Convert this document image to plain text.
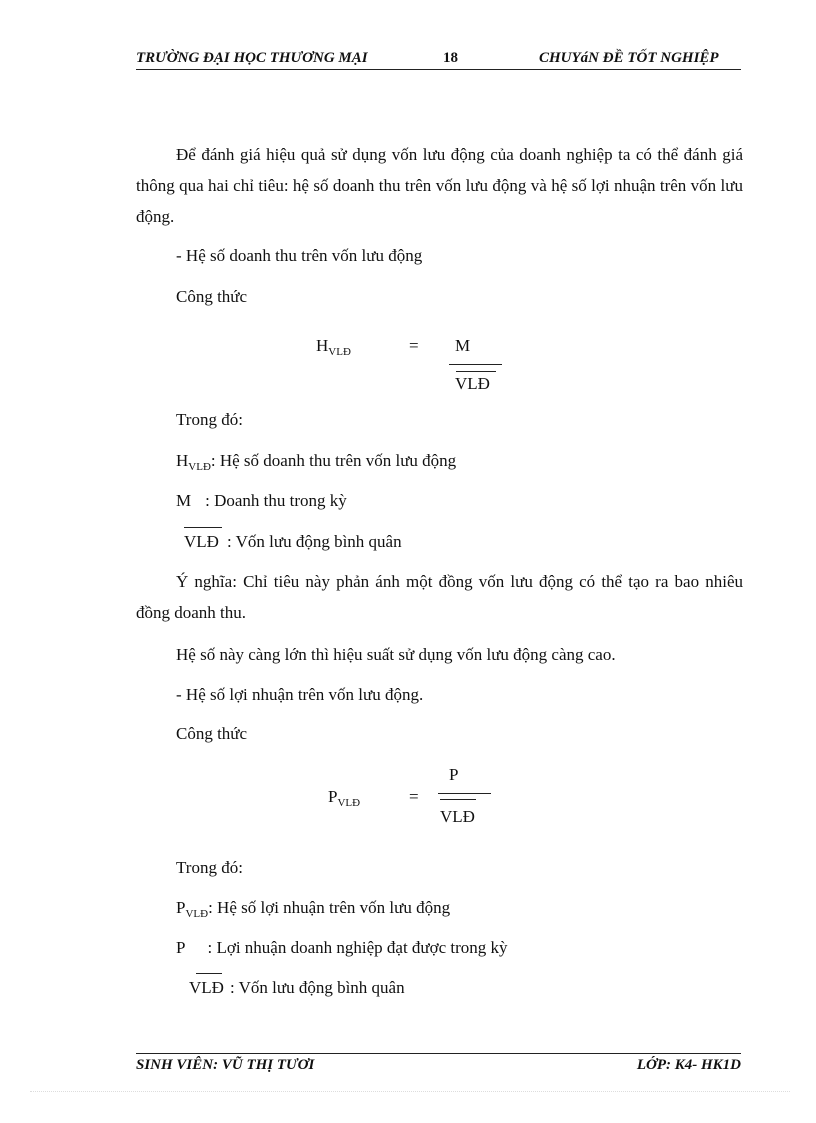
TRƯỜNG ĐẠI HỌC THƯƠNG MẠI	18	CHUYáN ĐỀ TỐT NGHIỆP
Để đánh giá hiệu quả sử dụng vốn lưu động của doanh nghiệp ta có thể đánh giá thông qua hai chỉ tiêu: hệ số doanh thu trên vốn lưu động và hệ số lợi nhuận trên vốn lưu động.
- Hệ số doanh thu trên vốn lưu động
Công thức
$H_{VLĐ}$	= M
VLĐ
Trong đó:
$H_{VLĐ}$: Hệ số doanh thu trên vốn lưu động
M : Doanh thu trong kỳ
VLĐ : Vốn lưu động bình quân
Ý nghĩa: Chỉ tiêu này phản ánh một đồng vốn lưu động có thể tạo ra bao nhiêu đồng doanh thu.
Hệ số này càng lớn thì hiệu suất sử dụng vốn lưu động càng cao.
- Hệ số lợi nhuận trên vốn lưu động.
Công thức
P
$P_{VLĐ}$	=
VLĐ
Trong đó:
$P_{VLĐ}$: Hệ số lợi nhuận trên vốn lưu động
P : Lợi nhuận doanh nghiệp đạt được trong kỳ
VLĐ : Vốn lưu động bình quân
SINH VIÊN: VŨ THỊ TƯƠI	LỚP: K4- HK1D
